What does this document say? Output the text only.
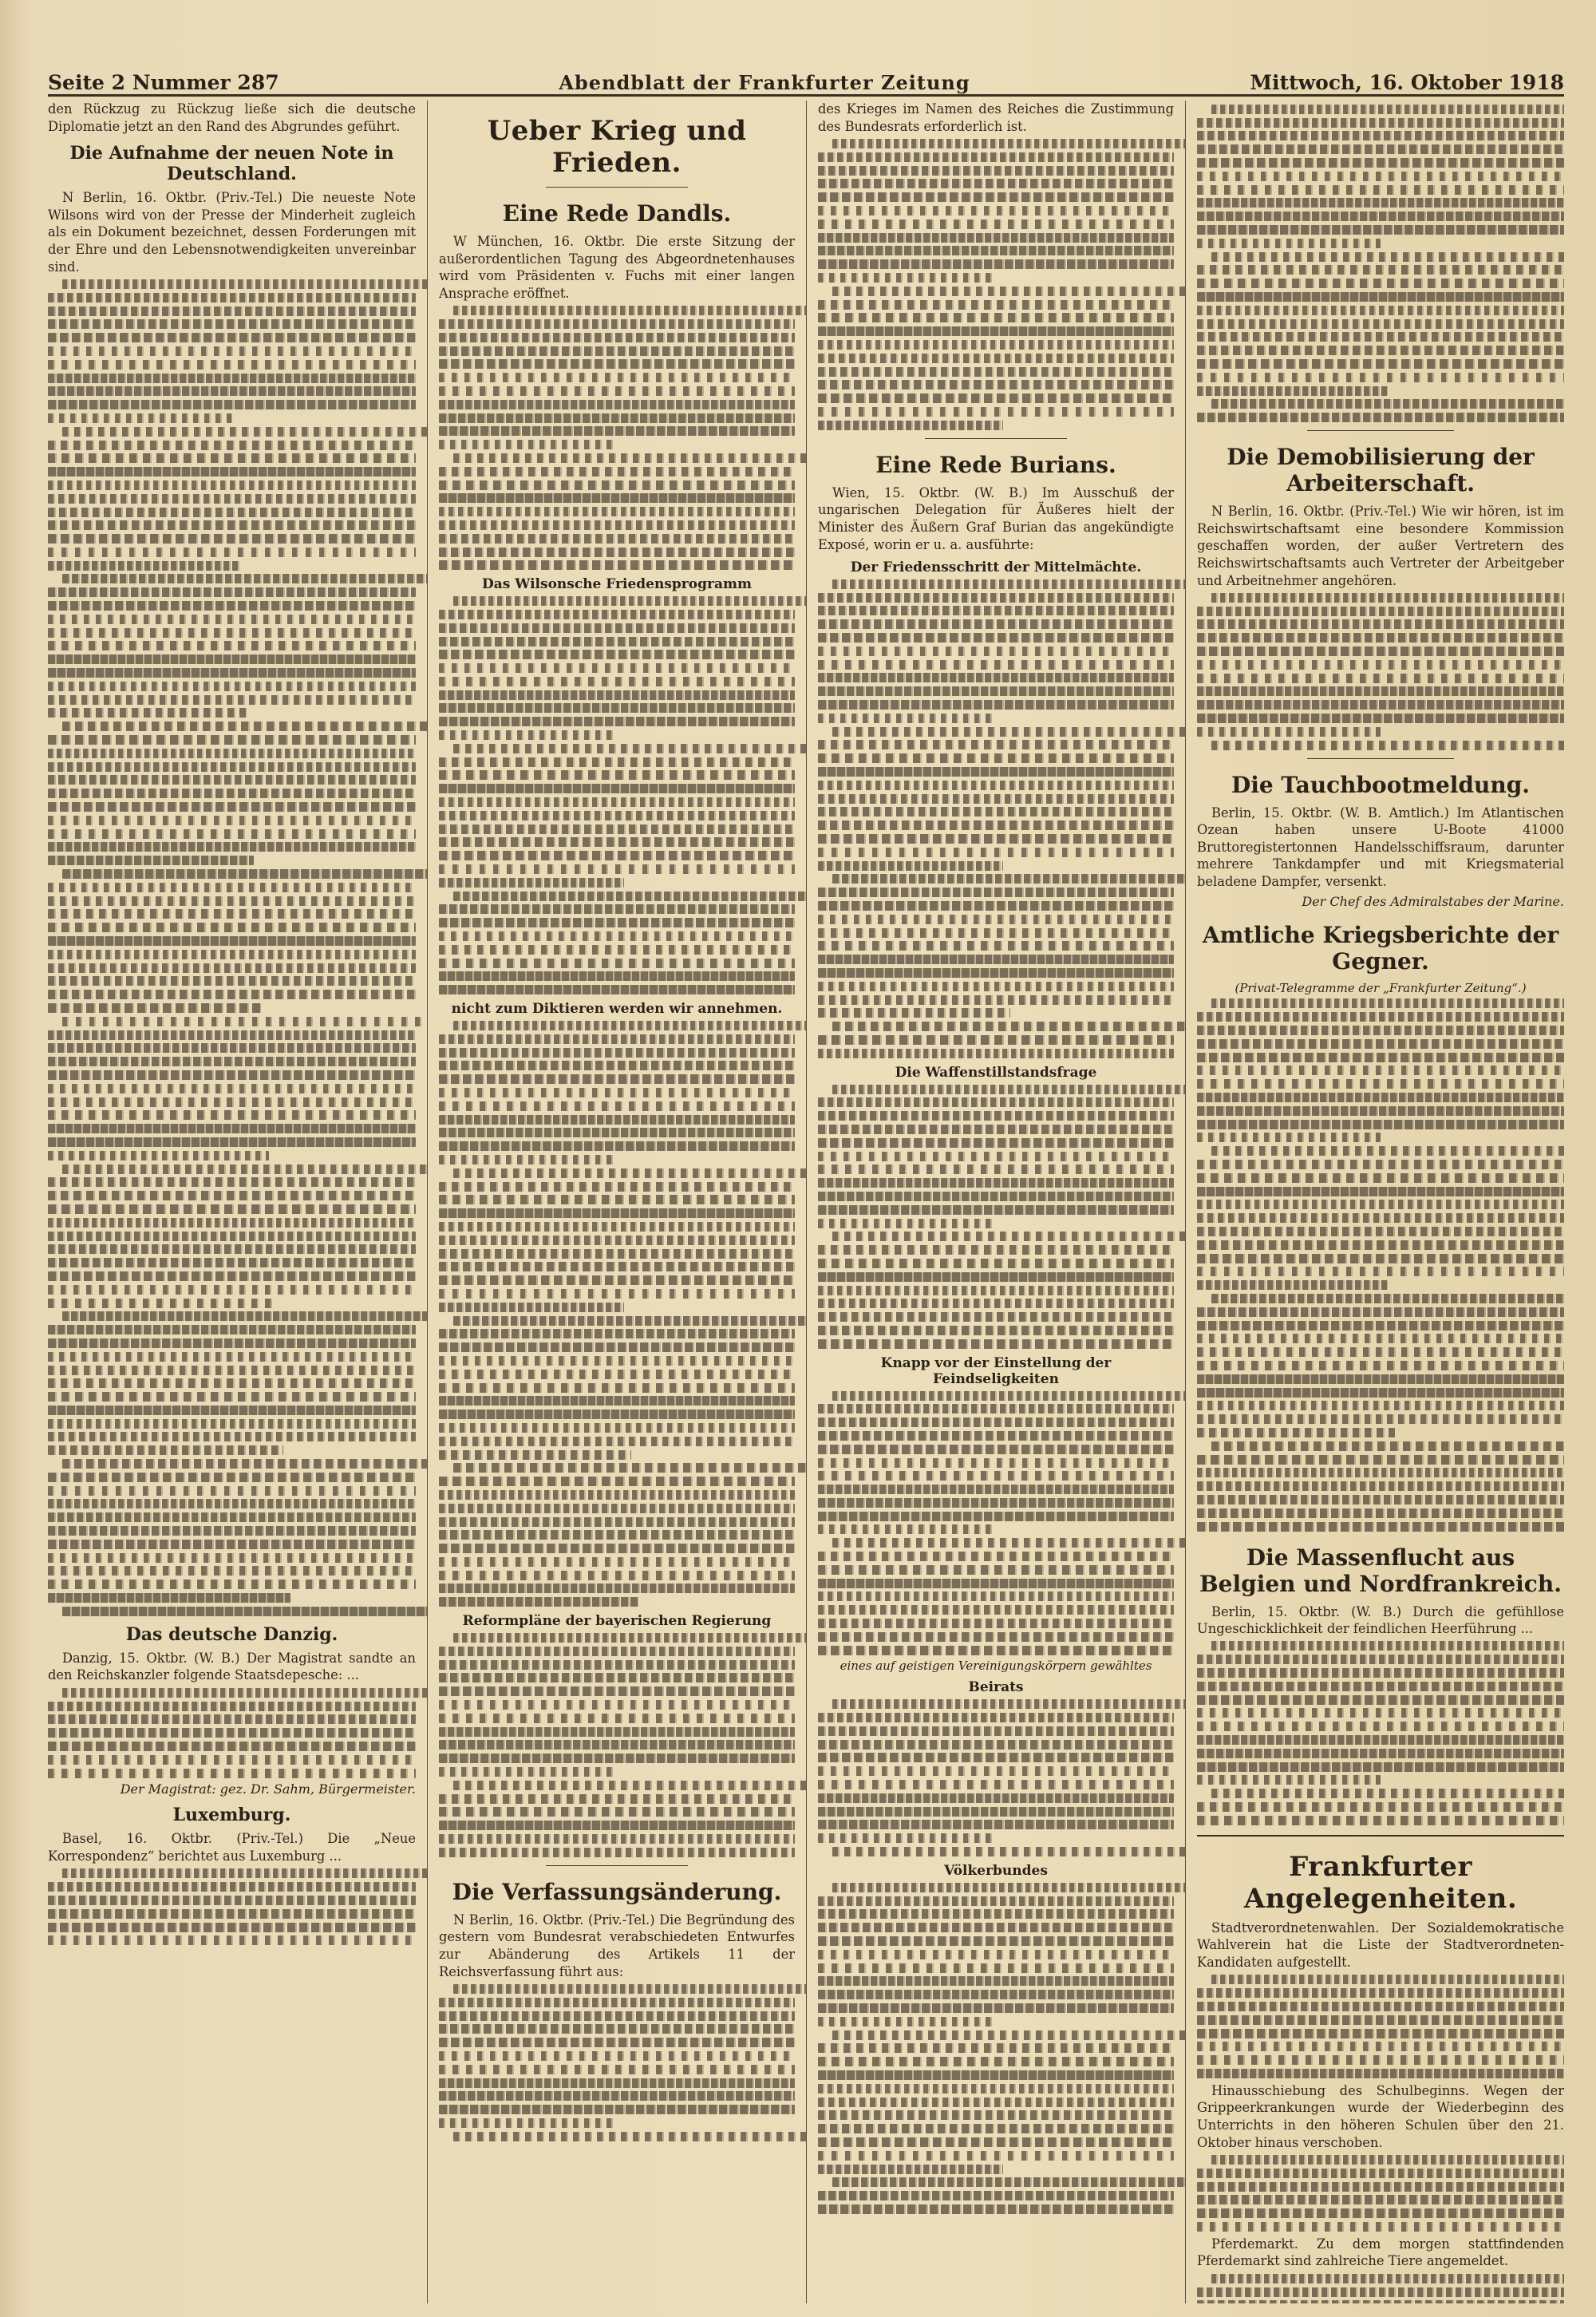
Seite 2 Nummer 287	Abendblatt der Frankfurter Zeitung	Mittwoch, 16. Oktober 1918

den Rückzug zu Rückzug ließe sich die deutsche Diplomatie jetzt an den Rand des Abgrundes geführt.

Die Aufnahme der neuen Note in Deutschland.

N Berlin, 16. Oktbr. (Priv.-Tel.) Die neueste Note Wilsons wird von der Presse der Minderheit zugleich als ein Dokument bezeichnet, dessen Forderungen mit der Ehre und den Lebensnotwendigkeiten unvereinbar sind.

Das deutsche Danzig.

Danzig, 15. Oktbr. (W. B.) Der Magistrat sandte an den Reichskanzler folgende Staatsdepesche: ...

Der Magistrat: gez. Dr. Sahm, Bürgermeister.
Luxemburg.

Basel, 16. Oktbr. (Priv.-Tel.) Die „Neue Korrespondenz“ berichtet aus Luxemburg ...

Ueber Krieg und Frieden.
Eine Rede Dandls.

W München, 16. Oktbr. Die erste Sitzung der außerordentlichen Tagung des Abgeordnetenhauses wird vom Präsidenten v. Fuchs mit einer langen Ansprache eröffnet.

Das Wilsonsche Friedensprogramm
nicht zum Diktieren werden wir annehmen.
Reformpläne der bayerischen Regierung
Die Verfassungsänderung.

N Berlin, 16. Oktbr. (Priv.-Tel.) Die Begründung des gestern vom Bundesrat verabschiedeten Entwurfes zur Abänderung des Artikels 11 der Reichsverfassung führt aus:

des Krieges im Namen des Reiches die Zustimmung des Bundesrats erforderlich ist.

Eine Rede Burians.

Wien, 15. Oktbr. (W. B.) Im Ausschuß der ungarischen Delegation für Äußeres hielt der Minister des Äußern Graf Burian das angekündigte Exposé, worin er u. a. ausführte:

Der Friedensschritt der Mittelmächte.
Die Waffenstillstandsfrage
Knapp vor der Einstellung der Feindseligkeiten
eines auf geistigen Vereinigungskörpern gewähltes
Beirats
Völkerbundes
Die Demobilisierung der Arbeiterschaft.

N Berlin, 16. Oktbr. (Priv.-Tel.) Wie wir hören, ist im Reichswirtschaftsamt eine besondere Kommission geschaffen worden, der außer Vertretern des Reichswirtschaftsamts auch Vertreter der Arbeitgeber und Arbeitnehmer angehören.

Die Tauchbootmeldung.

Berlin, 15. Oktbr. (W. B. Amtlich.) Im Atlantischen Ozean haben unsere U-Boote 41000 Bruttoregistertonnen Handelsschiffsraum, darunter mehrere Tankdampfer und mit Kriegsmaterial beladene Dampfer, versenkt.

Der Chef des Admiralstabes der Marine.
Amtliche Kriegsberichte der Gegner.
(Privat-Telegramme der „Frankfurter Zeitung“.)
Die Massenflucht aus Belgien und Nordfrankreich.

Berlin, 15. Oktbr. (W. B.) Durch die gefühllose Ungeschicklichkeit der feindlichen Heerführung ...

Frankfurter Angelegenheiten.

Stadtverordnetenwahlen. Der Sozialdemokratische Wahlverein hat die Liste der Stadtverordneten-Kandidaten aufgestellt.

Hinausschiebung des Schulbeginns. Wegen der Grippeerkrankungen wurde der Wiederbeginn des Unterrichts in den höheren Schulen über den 21. Oktober hinaus verschoben.

Pferdemarkt. Zu dem morgen stattfindenden Pferdemarkt sind zahlreiche Tiere angemeldet.
